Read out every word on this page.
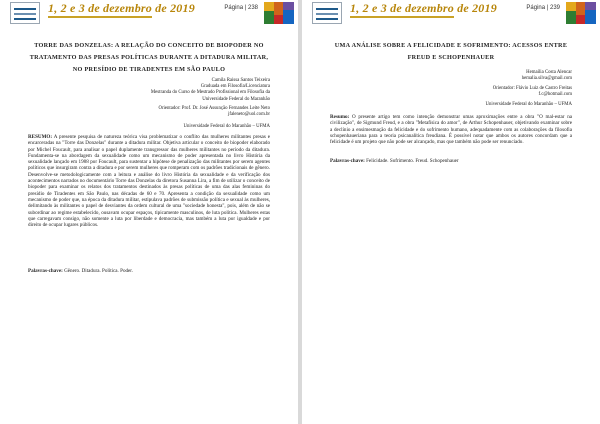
1, 2 e 3 de dezembro de 2019	Página | 238
TORRE DAS DONZELAS: A RELAÇÃO DO CONCEITO DE BIOPODER NO TRATAMENTO DAS PRESAS POLÍTICAS DURANTE A DITADURA MILITAR, NO PRESÍDIO DE TIRADENTES EM SÃO PAULO
Camila Raissa Santos Teixeira
Graduada em Filosofia/Licenciatura
Mestranda do Curso de Mestrado Profissional em Filosofia da
Universidade Federal do Maranhão
Orientador: Prof. Dr. José Assunção Fernandes Leite Neto
jfaleneto@uol.com.br
Universidade Federal do Maranhão – UFMA
RESUMO: A presente pesquisa de natureza teórica visa problematizar o conflito das mulheres militantes presas e encarceradas na "Torre das Donzelas" durante a ditadura militar. Objetiva articular o conceito de biopoder elaborado por Michel Foucault, para analisar o papel duplamente transgressor das mulheres militantes no período da ditadura. Fundamenta-se na abordagem da sexualidade como um mecanismo de poder apresentada no livro História da sexualidade lançado em 1988 por Foucault, para sustentar a hipótese de penalização das militantes por serem agentes políticos que insurgiram contra a ditadura e por serem mulheres que romperam com os padrões tradicionais de gênero. Desenvolve-se metodologicamente com a leitura e análise do livro História da sexualidade e da verificação dos acontecimentos narrados no documentário Torre das Donzelas da diretora Susanna Lira, a fim de utilizar o conceito de biopoder para examinar os relatos dos tratamentos destinados às presas políticas de uma das alas femininas do presídio de Tiradentes em São Paulo, nas décadas de 60 e 70. Apresenta a condição da sexualidade como um mecanismo de poder que, na época da ditadura militar, estipulava padrões de submissão política e sexual às mulheres, delimitando às militantes o papel de desviantes da ordem cultural de uma "sociedade honesta", pois, além de não se subordinar ao regime estabelecido, ousavam ocupar espaços, tipicamente masculinos, de luta política. Mulheres estas que carregavam consigo, não somente a luta por liberdade e democracia, mas também a luta por igualdade e por direito de ocupar lugares públicos.
Palavras-chave: Gênero. Ditadura. Política. Poder.
1, 2 e 3 de dezembro de 2019	Página | 239
UMA ANÁLISE SOBRE A FELICIDADE E SOFRIMENTO: ACESSOS ENTRE FREUD E SCHOPENHAUER
Hemaília Costa Alencar
hemalia.silva@gmail.com
Orientador: Flávio Luiz de Castro Freitas
f.c@hotmail.com
Universidade Federal do Maranhão – UFMA
Resumo: O presente artigo tem como intenção demonstrar umas aproximações entre a obra "O mal-estar na civilização", de Sigmund Freud, e a obra "Metafísica do amor", de Arthur Schopenhauer, objetivando examinar sobre a declínio a ensimesmação da felicidade e do sofrimento humano, adequadamente com as colaborações da filosofia schopenhaueriana para a teoria psicanalítica freudiana. É possível notar que ambos os autores concordam que a felicidade é um projeto que não pode ser alcançado, mas que também não pode ser renunciado.
Palavras-chave: Felicidade. Sofrimento. Freud. Schopenhauer
